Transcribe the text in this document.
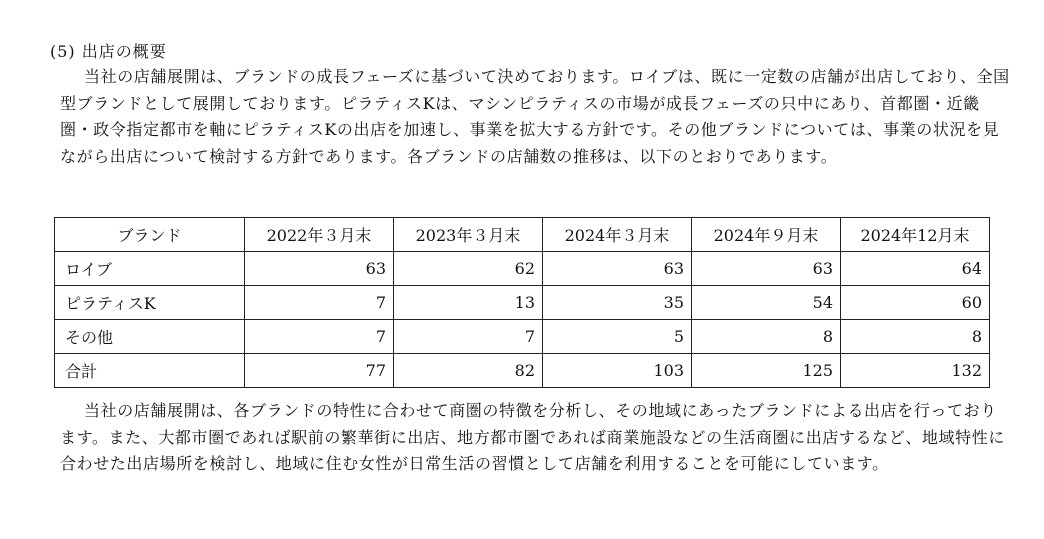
(5) 出店の概要

当社の店舗展開は、ブランドの成長フェーズに基づいて決めております。ロイブは、既に一定数の店舗が出店しており、全国型ブランドとして展開しております。ピラティスKは、マシンピラティスの市場が成長フェーズの只中にあり、首都圏・近畿圏・政令指定都市を軸にピラティスKの出店を加速し、事業を拡大する方針です。その他ブランドについては、事業の状況を見ながら出店について検討する方針であります。各ブランドの店舗数の推移は、以下のとおりであります。

ブランド	2022年３月末	2023年３月末	2024年３月末	2024年９月末	2024年12月末
ロイブ	63	62	63	63	64
ピラティスK	7	13	35	54	60
その他	7	7	5	8	8
合計	77	82	103	125	132

当社の店舗展開は、各ブランドの特性に合わせて商圏の特徴を分析し、その地域にあったブランドによる出店を行っております。また、大都市圏であれば駅前の繁華街に出店、地方都市圏であれば商業施設などの生活商圏に出店するなど、地域特性に合わせた出店場所を検討し、地域に住む女性が日常生活の習慣として店舗を利用することを可能にしています。
